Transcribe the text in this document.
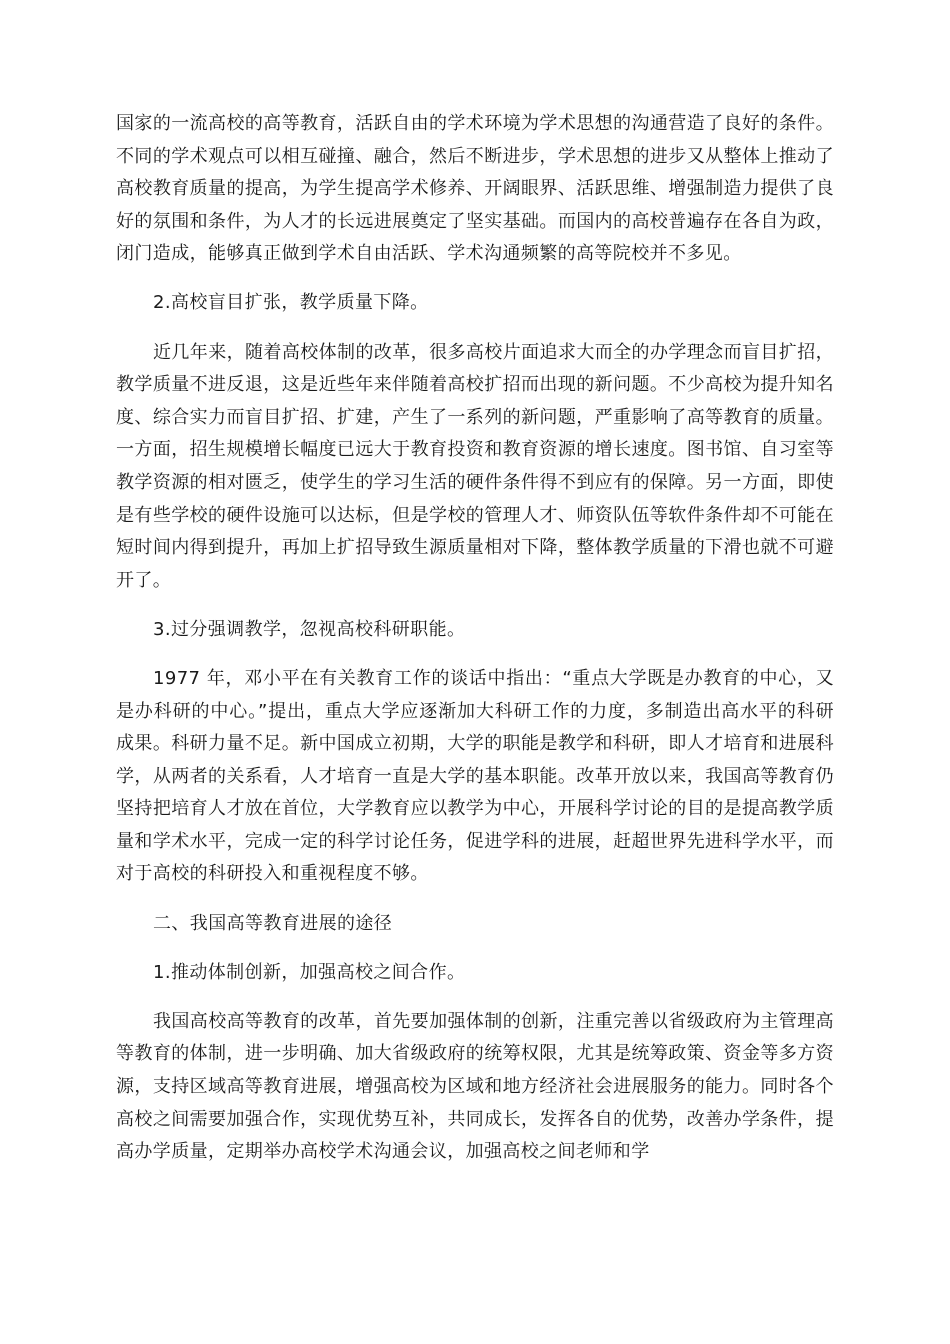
国家的一流高校的高等教育，活跃自由的学术环境为学术思想的沟通营造了良好的条件。不同的学术观点可以相互碰撞、融合，然后不断进步，学术思想的进步又从整体上推动了高校教育质量的提高，为学生提高学术修养、开阔眼界、活跃思维、增强制造力提供了良好的氛围和条件，为人才的长远进展奠定了坚实基础。而国内的高校普遍存在各自为政，闭门造成，能够真正做到学术自由活跃、学术沟通频繁的高等院校并不多见。

2.高校盲目扩张，教学质量下降。

近几年来，随着高校体制的改革，很多高校片面追求大而全的办学理念而盲目扩招，教学质量不进反退，这是近些年来伴随着高校扩招而出现的新问题。不少高校为提升知名度、综合实力而盲目扩招、扩建，产生了一系列的新问题，严重影响了高等教育的质量。一方面，招生规模增长幅度已远大于教育投资和教育资源的增长速度。图书馆、自习室等教学资源的相对匮乏，使学生的学习生活的硬件条件得不到应有的保障。另一方面，即使是有些学校的硬件设施可以达标，但是学校的管理人才、师资队伍等软件条件却不可能在短时间内得到提升，再加上扩招导致生源质量相对下降，整体教学质量的下滑也就不可避开了。

3.过分强调教学，忽视高校科研职能。

1977 年，邓小平在有关教育工作的谈话中指出：“重点大学既是办教育的中心，又是办科研的中心。”提出，重点大学应逐渐加大科研工作的力度，多制造出高水平的科研成果。科研力量不足。新中国成立初期，大学的职能是教学和科研，即人才培育和进展科学，从两者的关系看，人才培育一直是大学的基本职能。改革开放以来，我国高等教育仍坚持把培育人才放在首位，大学教育应以教学为中心，开展科学讨论的目的是提高教学质量和学术水平，完成一定的科学讨论任务，促进学科的进展，赶超世界先进科学水平，而对于高校的科研投入和重视程度不够。

二、我国高等教育进展的途径

1.推动体制创新，加强高校之间合作。

我国高校高等教育的改革，首先要加强体制的创新，注重完善以省级政府为主管理高等教育的体制，进一步明确、加大省级政府的统筹权限，尤其是统筹政策、资金等多方资源，支持区域高等教育进展，增强高校为区域和地方经济社会进展服务的能力。同时各个高校之间需要加强合作，实现优势互补，共同成长，发挥各自的优势，改善办学条件，提高办学质量，定期举办高校学术沟通会议，加强高校之间老师和学
